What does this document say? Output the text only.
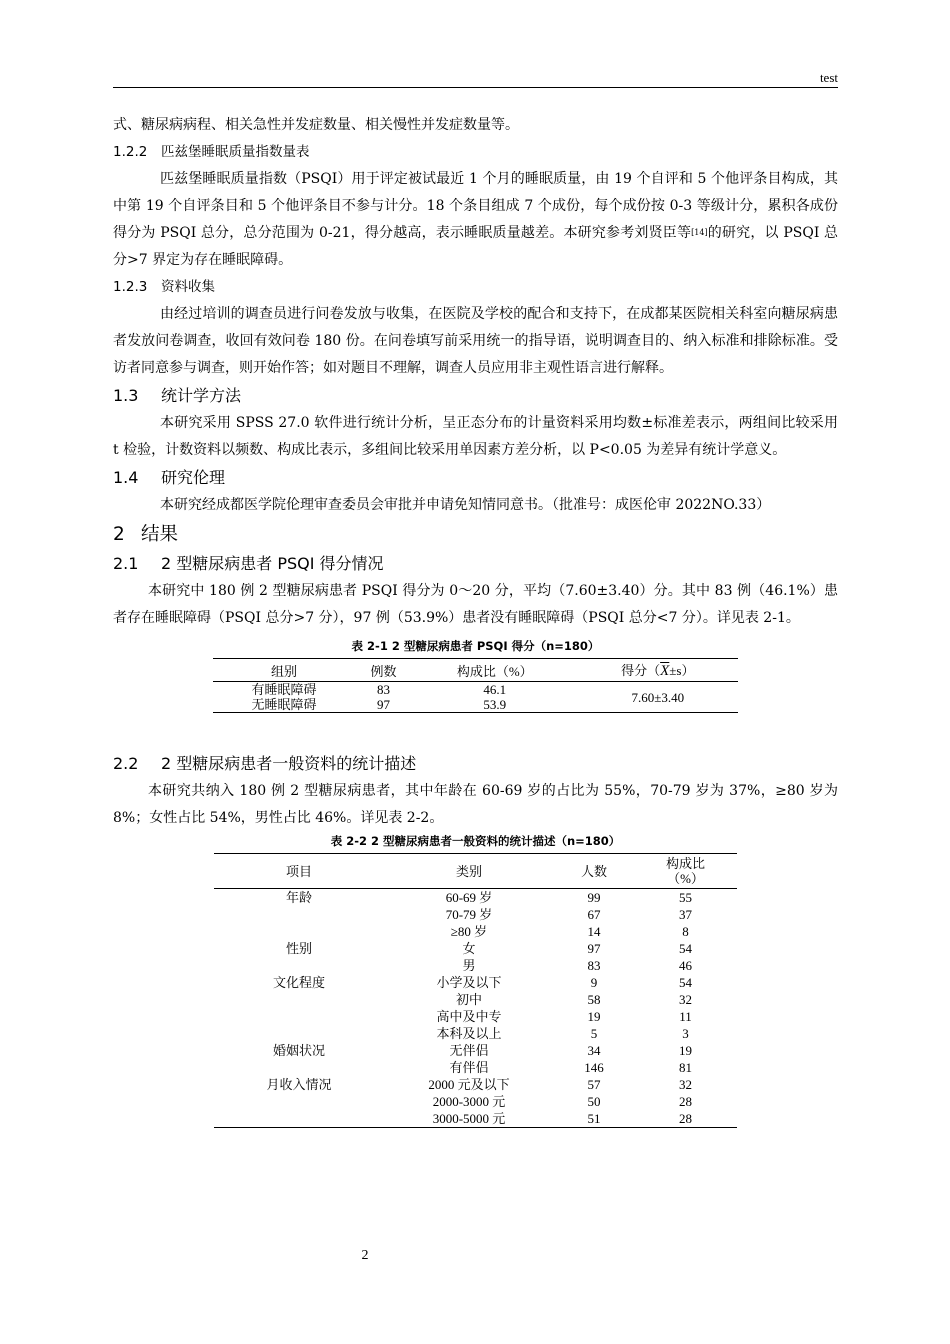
test

式、糖尿病病程、相关急性并发症数量、相关慢性并发症数量等。

1.2.2 匹兹堡睡眠质量指数量表

匹兹堡睡眠质量指数（PSQI）用于评定被试最近 1 个月的睡眠质量，由 19 个自评和 5 个他评条目构成，其中第 19 个自评条目和 5 个他评条目不参与计分。18 个条目组成 7 个成份，每个成份按 0-3 等级计分，累积各成份得分为 PSQI 总分，总分范围为 0-21，得分越高，表示睡眠质量越差。本研究参考刘贤臣等[14]的研究，以 PSQI 总分>7 界定为存在睡眠障碍。

1.2.3 资料收集

由经过培训的调查员进行问卷发放与收集，在医院及学校的配合和支持下，在成都某医院相关科室向糖尿病患者发放问卷调查，收回有效问卷 180 份。在问卷填写前采用统一的指导语，说明调查目的、纳入标准和排除标准。受访者同意参与调查，则开始作答；如对题目不理解，调查人员应用非主观性语言进行解释。

1.3 统计学方法

本研究采用 SPSS 27.0 软件进行统计分析，呈正态分布的计量资料采用均数±标准差表示，两组间比较采用 t 检验，计数资料以频数、构成比表示，多组间比较采用单因素方差分析，以 P<0.05 为差异有统计学意义。

1.4 研究伦理

本研究经成都医学院伦理审查委员会审批并申请免知情同意书。（批准号：成医伦审 2022NO.33）

2 结果

2.1 2 型糖尿病患者 PSQI 得分情况

本研究中 180 例 2 型糖尿病患者 PSQI 得分为 0～20 分，平均（7.60±3.40）分。其中 83 例（46.1%）患者存在睡眠障碍（PSQI 总分>7 分），97 例（53.9%）患者没有睡眠障碍（PSQI 总分<7 分）。详见表 2-1。

表 2-1 2 型糖尿病患者 PSQI 得分（n=180）

组别	例数	构成比（%）	得分$(\overline{X}\pm s)$
有睡眠障碍	83	46.1	7.60±3.40
无睡眠障碍	97	53.9	

2.2 2 型糖尿病患者一般资料的统计描述

本研究共纳入 180 例 2 型糖尿病患者，其中年龄在 60-69 岁的占比为 55%，70-79 岁为 37%，≥80 岁为 8%；女性占比 54%，男性占比 46%。详见表 2-2。

表 2-2 2 型糖尿病患者一般资料的统计描述（n=180）

项目	类别	人数	构成比
（%）

年龄	60-69 岁	99	55
	70-79 岁	67	37
	≥80 岁	14	8
性别	女	97	54
	男	83	46
文化程度	小学及以下	9	54
	初中	58	32
	高中及中专	19	11
	本科及以上	5	3
婚姻状况	无伴侣	34	19
	有伴侣	146	81
月收入情况	2000 元及以下	57	32
	2000-3000 元	50	28
	3000-5000 元	51	28
2
